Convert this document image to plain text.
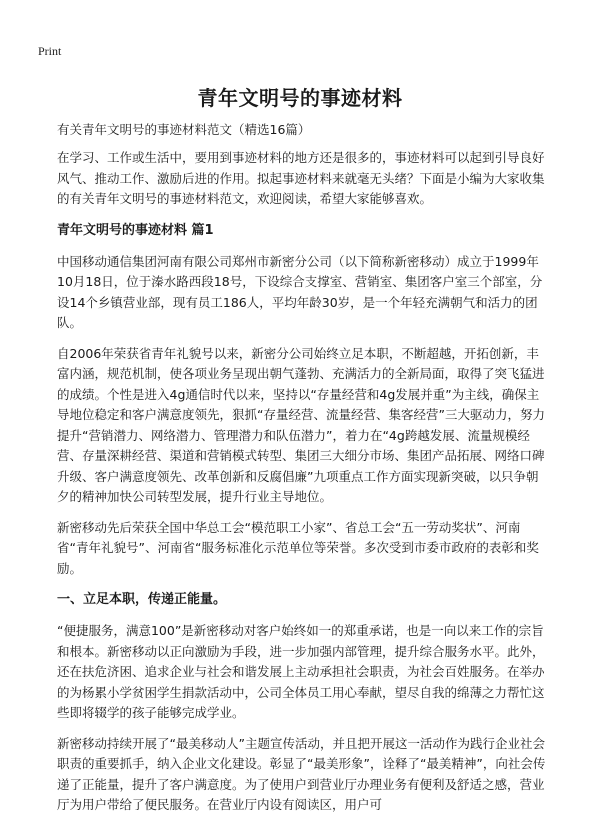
Print
青年文明号的事迹材料
有关青年文明号的事迹材料范文（精选16篇）

在学习、工作或生活中，要用到事迹材料的地方还是很多的，事迹材料可以起到引导良好风气、推动工作、激励后进的作用。拟起事迹材料来就毫无头绪？下面是小编为大家收集的有关青年文明号的事迹材料范文，欢迎阅读，希望大家能够喜欢。

青年文明号的事迹材料 篇1

中国移动通信集团河南有限公司郑州市新密分公司（以下简称新密移动）成立于1999年10月18日，位于溱水路西段18号，下设综合支撑室、营销室、集团客户室三个部室，分设14个乡镇营业部，现有员工186人，平均年龄30岁，是一个年轻充满朝气和活力的团队。

自2006年荣获省青年礼貌号以来，新密分公司始终立足本职，不断超越，开拓创新，丰富内涵，规范机制，使各项业务呈现出朝气蓬勃、充满活力的全新局面，取得了突飞猛进的成绩。个性是进入4g通信时代以来，坚持以“存量经营和4g发展并重”为主线，确保主导地位稳定和客户满意度领先，狠抓“存量经营、流量经营、集客经营”三大驱动力，努力提升“营销潜力、网络潜力、管理潜力和队伍潜力”，着力在“4g跨越发展、流量规模经营、存量深耕经营、渠道和营销模式转型、集团三大细分市场、集团产品拓展、网络口碑升级、客户满意度领先、改革创新和反腐倡廉”九项重点工作方面实现新突破，以只争朝夕的精神加快公司转型发展，提升行业主导地位。

新密移动先后荣获全国中华总工会“模范职工小家”、省总工会“五一劳动奖状”、河南省“青年礼貌号”、河南省“服务标准化示范单位等荣誉。多次受到市委市政府的表彰和奖励。

一、立足本职，传递正能量。

“便捷服务，满意100”是新密移动对客户始终如一的郑重承诺，也是一向以来工作的宗旨和根本。新密移动以正向激励为手段，进一步加强内部管理，提升综合服务水平。此外，还在扶危济困、追求企业与社会和谐发展上主动承担社会职责，为社会百姓服务。在举办的为杨累小学贫困学生捐款活动中，公司全体员工用心奉献，望尽自我的绵薄之力帮忙这些即将辍学的孩子能够完成学业。

新密移动持续开展了“最美移动人”主题宣传活动，并且把开展这一活动作为践行企业社会职责的重要抓手，纳入企业文化建设。彰显了“最美形象”，诠释了“最美精神”，向社会传递了正能量，提升了客户满意度。为了使用户到营业厅办理业务有便利及舒适之感，营业厅为用户带给了便民服务。在营业厅内设有阅读区，用户可
